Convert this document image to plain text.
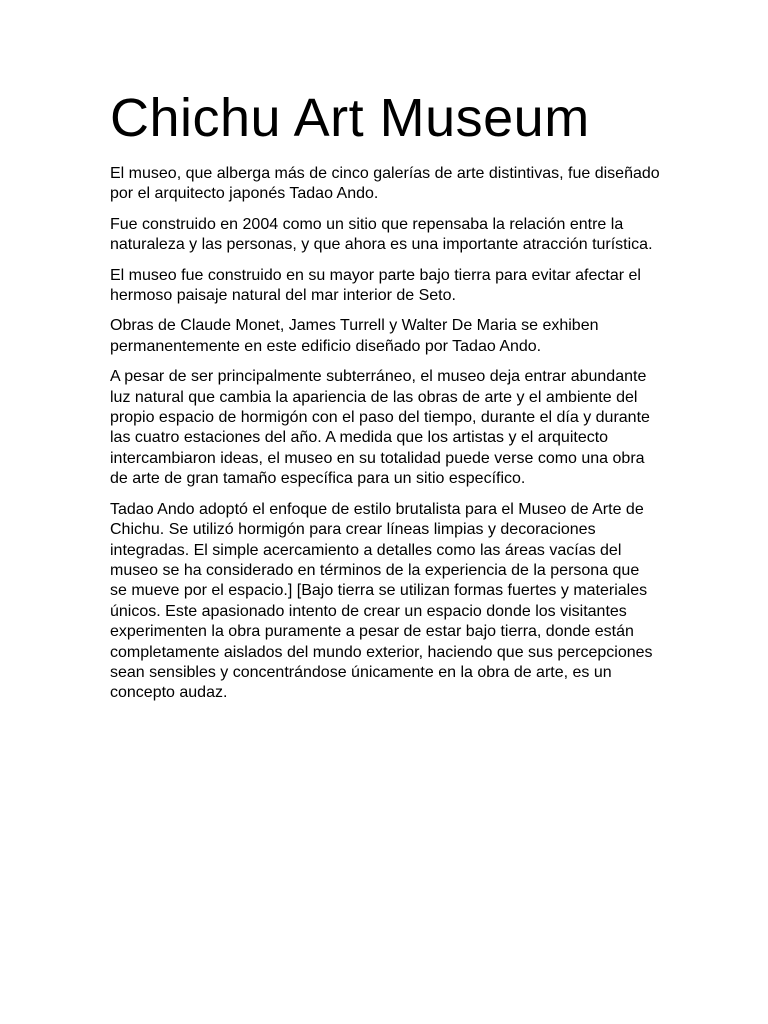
Chichu Art Museum

El museo, que alberga más de cinco galerías de arte distintivas, fue diseñado por el arquitecto japonés Tadao Ando.

Fue construido en 2004 como un sitio que repensaba la relación entre la naturaleza y las personas, y que ahora es una importante atracción turística.

El museo fue construido en su mayor parte bajo tierra para evitar afectar el hermoso paisaje natural del mar interior de Seto.

Obras de Claude Monet, James Turrell y Walter De Maria se exhiben permanentemente en este edificio diseñado por Tadao Ando.

A pesar de ser principalmente subterráneo, el museo deja entrar abundante luz natural que cambia la apariencia de las obras de arte y el ambiente del propio espacio de hormigón con el paso del tiempo, durante el día y durante las cuatro estaciones del año. A medida que los artistas y el arquitecto intercambiaron ideas, el museo en su totalidad puede verse como una obra de arte de gran tamaño específica para un sitio específico.

Tadao Ando adoptó el enfoque de estilo brutalista para el Museo de Arte de Chichu. Se utilizó hormigón para crear líneas limpias y decoraciones integradas. El simple acercamiento a detalles como las áreas vacías del museo se ha considerado en términos de la experiencia de la persona que se mueve por el espacio.] [Bajo tierra se utilizan formas fuertes y materiales únicos. Este apasionado intento de crear un espacio donde los visitantes experimenten la obra puramente a pesar de estar bajo tierra, donde están completamente aislados del mundo exterior, haciendo que sus percepciones sean sensibles y concentrándose únicamente en la obra de arte, es un concepto audaz.
